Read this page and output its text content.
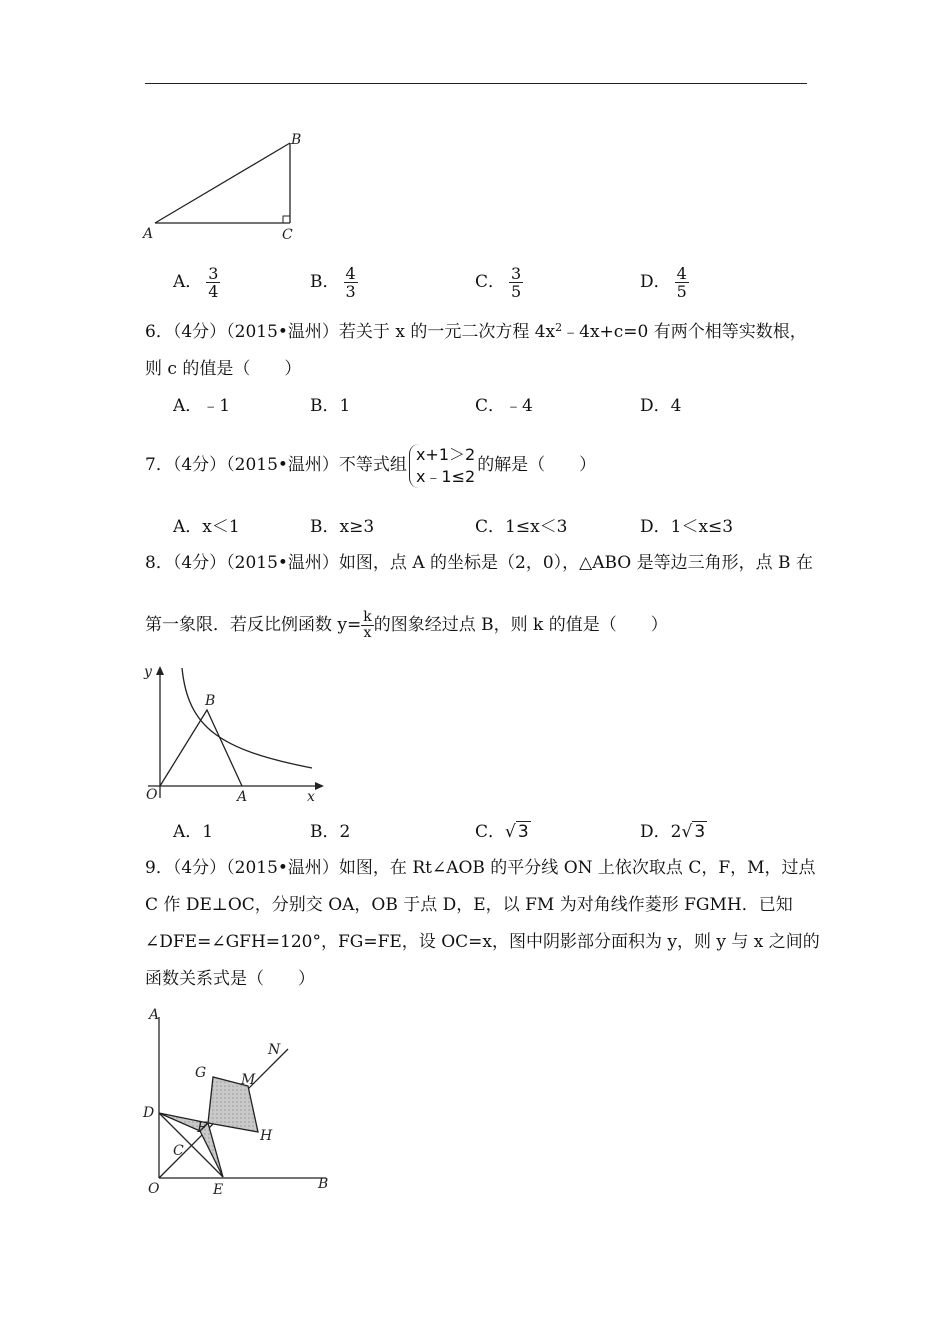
A
B
C
A． $\frac{3}{4}$	B． $\frac{4}{3}$	C． $\frac{3}{5}$	D． $\frac{4}{5}$
6．（4分）（2015•温州）若关于 x 的一元二次方程 $4x^2﹣4x+c=0$ 有两个相等实数根，
则 c 的值是（　　）
A．﹣1	B．1	C．﹣4	D．4
7．（4分）（2015•温州）不等式组
x+1＞2
x﹣1≤2
的解是（　　）
A．x＜1	B．x≥3	C．1≤x＜3	D．1＜x≤3
8．（4分）（2015•温州）如图，点 A 的坐标是（2，0），△ABO 是等边三角形，点 B 在
第一象限．若反比例函数 $y= \frac{k}{x}$ 的图象经过点 B，则 k 的值是（　　）
y
B
O	A	x
A．1	B．2	C．√ 3	D．2√ 3
9．（4分）（2015•温州）如图，在 Rt∠AOB 的平分线 ON 上依次取点 C，F，M，过点
C 作 DE⊥OC，分别交 OA，OB 于点 D，E，以 FM 为对角线作菱形 FGMH．已知
∠DFE=∠GFH=120°，FG=FE，设 OC=x，图中阴影部分面积为 y，则 y 与 x 之间的
函数关系式是（　　）
A
N
G M
D
F	H
C
O	E	B
